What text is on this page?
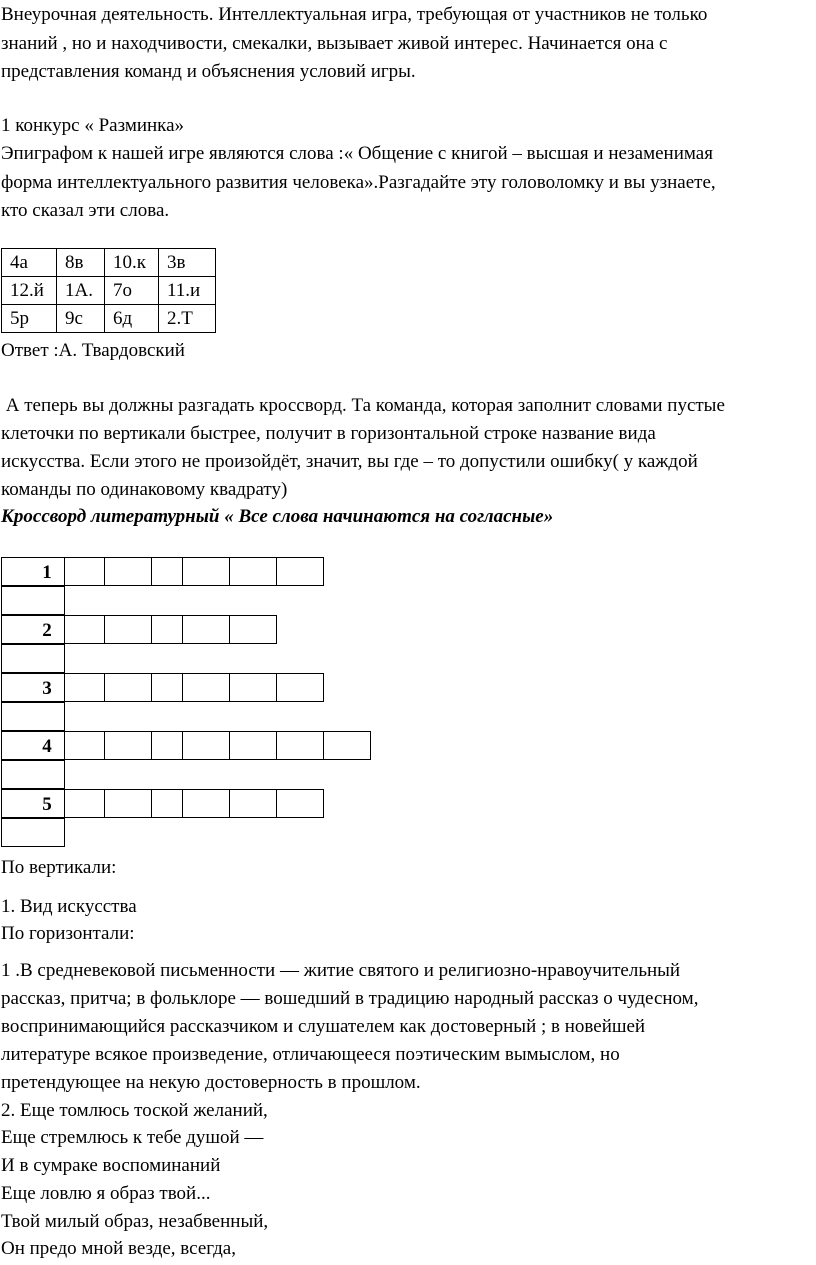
Внеурочная деятельность. Интеллектуальная игра, требующая от участников не только
знаний , но и находчивости, смекалки, вызывает живой интерес. Начинается она с
представления команд и объяснения условий игры.
1 конкурс « Разминка»
Эпиграфом к нашей игре являются слова :« Общение с книгой – высшая и незаменимая
форма интеллектуального развития человека».Разгадайте эту головоломку и вы узнаете,
кто сказал эти слова.
4а	8в	10.к	3в
12.й	1А.	7о	11.и
5р	9с	6д	2.Т
Ответ :А. Твардовский
А теперь вы должны разгадать кроссворд. Та команда, которая заполнит словами пустые
клеточки по вертикали быстрее, получит в горизонтальной строке название вида
искусства. Если этого не произойдёт, значит, вы где – то допустили ошибку( у каждой
команды по одинаковому квадрату)
Кроссворд литературный « Все слова начинаются на согласные»
1
2
3
4
5
По вертикали:
1. Вид искусства
По горизонтали:
1 .В средневековой письменности — житие святого и религиозно-нравоучительный
рассказ, притча; в фольклоре — вошедший в традицию народный рассказ о чудесном,
воспринимающийся рассказчиком и слушателем как достоверный ; в новейшей
литературе всякое произведение, отличающееся поэтическим вымыслом, но
претендующее на некую достоверность в прошлом.
2. Еще томлюсь тоской желаний,
Еще стремлюсь к тебе душой —
И в сумраке воспоминаний
Еще ловлю я образ твой...
Твой милый образ, незабвенный,
Он предо мной везде, всегда,
